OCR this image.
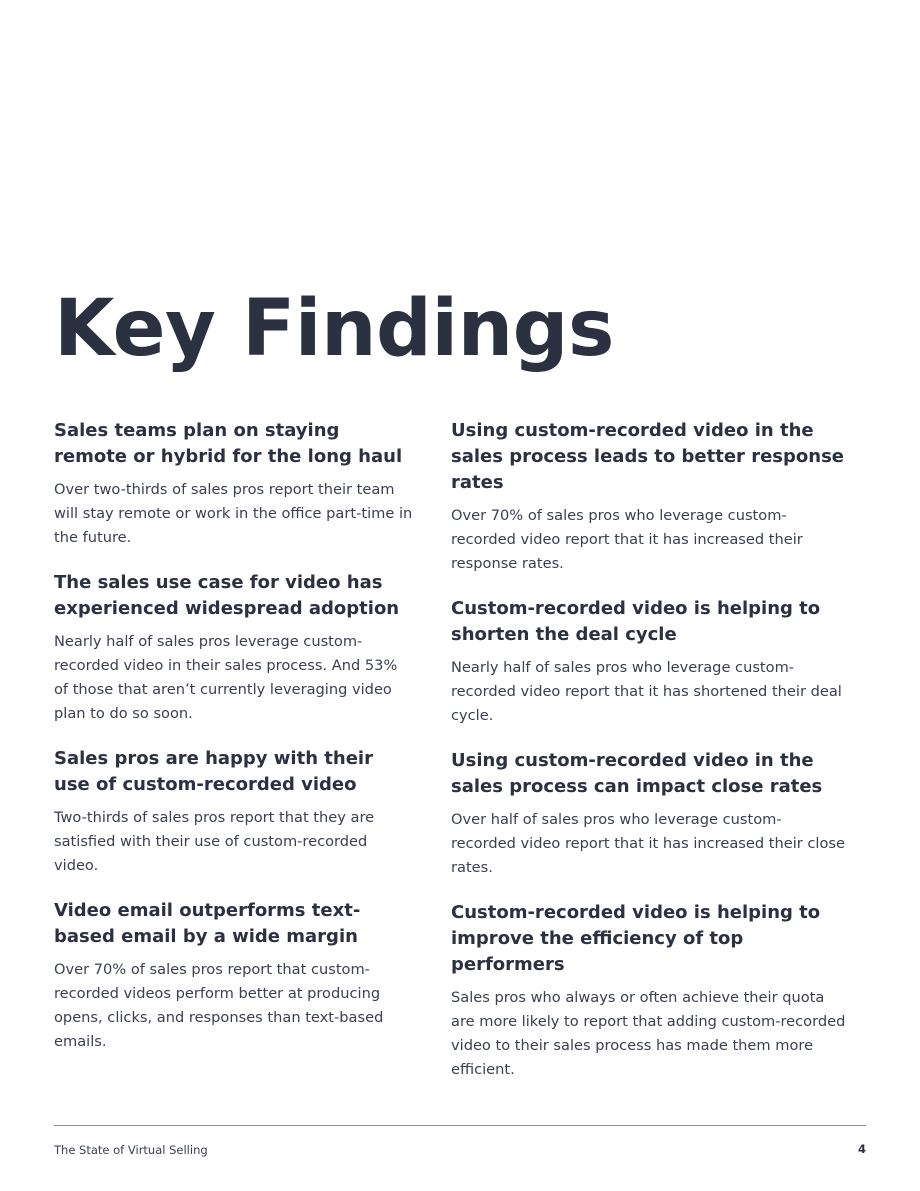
Key Findings
Sales teams plan on staying remote or hybrid for the long haul

Over two-thirds of sales pros report their team will stay remote or work in the office part-time in the future.

The sales use case for video has experienced widespread adoption

Nearly half of sales pros leverage custom-recorded video in their sales process. And 53% of those that aren’t currently leveraging video plan to do so soon.

Sales pros are happy with their use of custom-recorded video

Two-thirds of sales pros report that they are satisfied with their use of custom-recorded video.

Video email outperforms text-based email by a wide margin

Over 70% of sales pros report that custom-recorded videos perform better at producing opens, clicks, and responses than text-based emails.

Using custom-recorded video in the sales process leads to better response rates

Over 70% of sales pros who leverage custom-recorded video report that it has increased their response rates.

Custom-recorded video is helping to shorten the deal cycle

Nearly half of sales pros who leverage custom-recorded video report that it has shortened their deal cycle.

Using custom-recorded video in the sales process can impact close rates

Over half of sales pros who leverage custom-recorded video report that it has increased their close rates.

Custom-recorded video is helping to improve the efficiency of top performers

Sales pros who always or often achieve their quota are more likely to report that adding custom-recorded video to their sales process has made them more efficient.

The State of Virtual Selling	4
